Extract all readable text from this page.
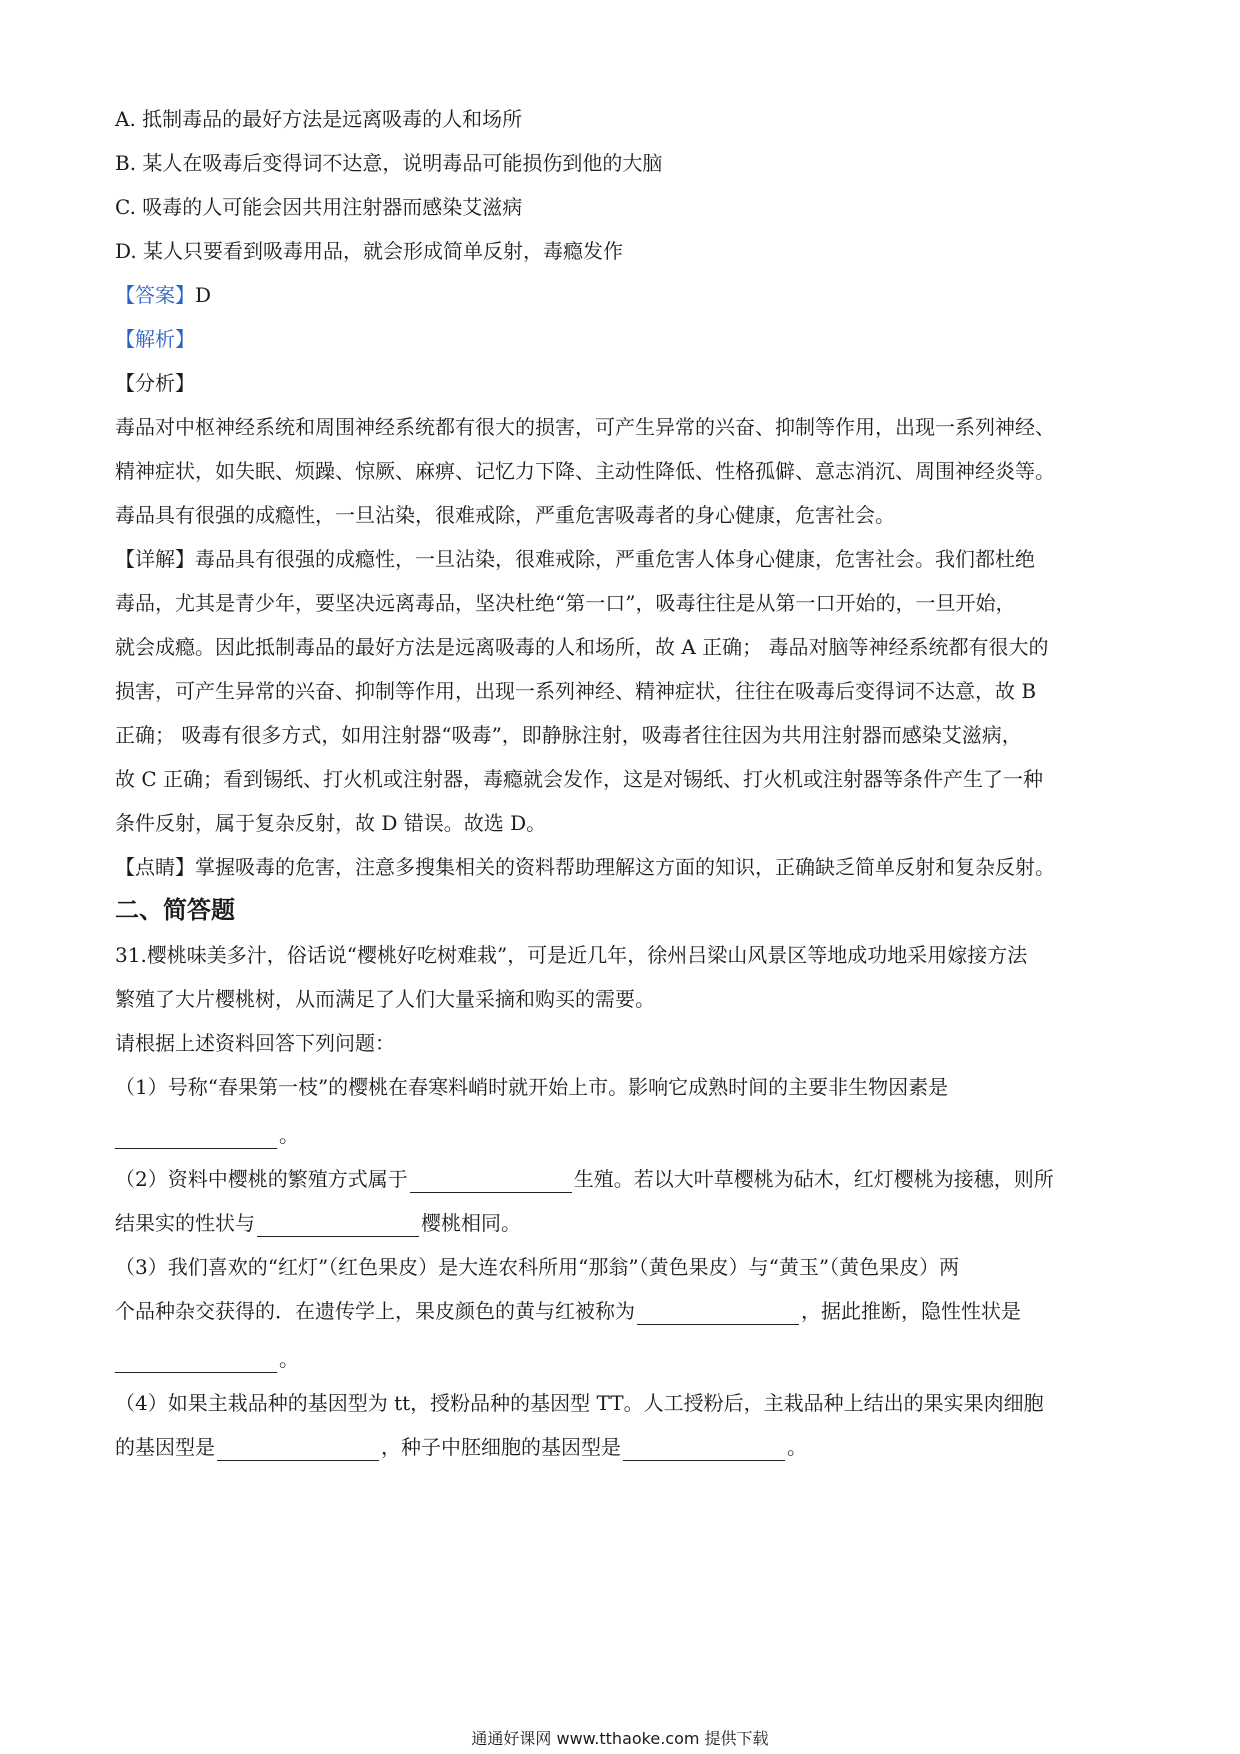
A. 抵制毒品的最好方法是远离吸毒的人和场所
B. 某人在吸毒后变得词不达意，说明毒品可能损伤到他的大脑
C. 吸毒的人可能会因共用注射器而感染艾滋病
D. 某人只要看到吸毒用品，就会形成简单反射，毒瘾发作
【答案】D
【解析】
【分析】
毒品对中枢神经系统和周围神经系统都有很大的损害，可产生异常的兴奋、抑制等作用，出现一系列神经、
精神症状，如失眠、烦躁、惊厥、麻痹、记忆力下降、主动性降低、性格孤僻、意志消沉、周围神经炎等。
毒品具有很强的成瘾性，一旦沾染，很难戒除，严重危害吸毒者的身心健康，危害社会。
【详解】毒品具有很强的成瘾性，一旦沾染，很难戒除，严重危害人体身心健康，危害社会。我们都杜绝
毒品，尤其是青少年，要坚决远离毒品，坚决杜绝“第一口”，吸毒往往是从第一口开始的，一旦开始，
就会成瘾。因此抵制毒品的最好方法是远离吸毒的人和场所，故 A 正确； 毒品对脑等神经系统都有很大的
损害，可产生异常的兴奋、抑制等作用，出现一系列神经、精神症状，往往在吸毒后变得词不达意，故 B
正确； 吸毒有很多方式，如用注射器“吸毒”，即静脉注射，吸毒者往往因为共用注射器而感染艾滋病，
故 C 正确；看到锡纸、打火机或注射器，毒瘾就会发作，这是对锡纸、打火机或注射器等条件产生了一种
条件反射，属于复杂反射，故 D 错误。故选 D。
【点睛】掌握吸毒的危害，注意多搜集相关的资料帮助理解这方面的知识，正确缺乏简单反射和复杂反射。
二、简答题
31.樱桃味美多汁，俗话说“樱桃好吃树难栽”，可是近几年，徐州吕梁山风景区等地成功地采用嫁接方法
繁殖了大片樱桃树，从而满足了人们大量采摘和购买的需要。
请根据上述资料回答下列问题：
（1）号称“春果第一枝”的樱桃在春寒料峭时就开始上市。影响它成熟时间的主要非生物因素是
。
（2）资料中樱桃的繁殖方式属于	生殖。若以大叶草樱桃为砧木，红灯樱桃为接穗，则所
结果实的性状与	樱桃相同。
（3）我们喜欢的“红灯”（红色果皮）是大连农科所用“那翁”（黄色果皮）与“黄玉”（黄色果皮）两
个品种杂交获得的．在遗传学上，果皮颜色的黄与红被称为	，据此推断，隐性性状是
。
（4）如果主栽品种的基因型为 tt，授粉品种的基因型 TT。人工授粉后，主栽品种上结出的果实果肉细胞
的基因型是	，种子中胚细胞的基因型是	。
通通好课网 www.tthaoke.com 提供下载
